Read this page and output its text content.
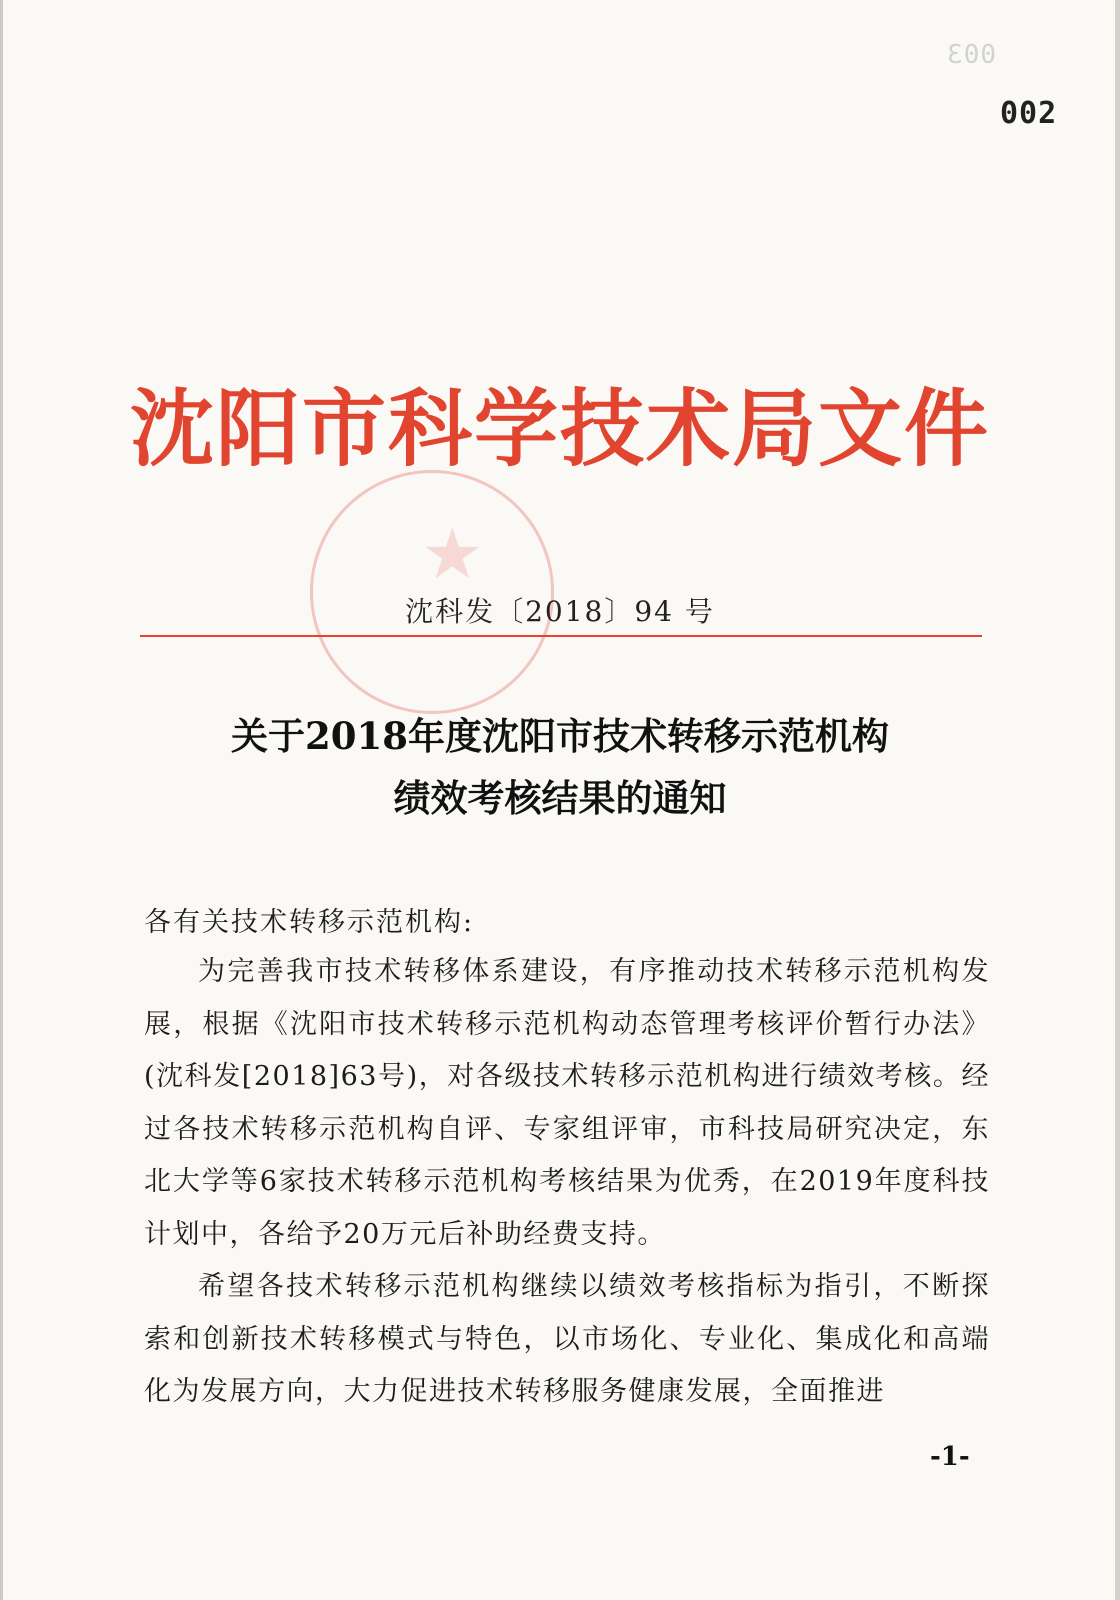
003
002
沈阳市科学技术局文件
★
沈科发〔2018〕94 号
关于2018年度沈阳市技术转移示范机构
绩效考核结果的通知
各有关技术转移示范机构:

为完善我市技术转移体系建设，有序推动技术转移示范机构发展，根据《沈阳市技术转移示范机构动态管理考核评价暂行办法》(沈科发[2018]63号)，对各级技术转移示范机构进行绩效考核。经过各技术转移示范机构自评、专家组评审，市科技局研究决定，东北大学等6家技术转移示范机构考核结果为优秀，在2019年度科技计划中，各给予20万元后补助经费支持。

希望各技术转移示范机构继续以绩效考核指标为指引，不断探索和创新技术转移模式与特色，以市场化、专业化、集成化和高端化为发展方向，大力促进技术转移服务健康发展，全面推进

-1-
